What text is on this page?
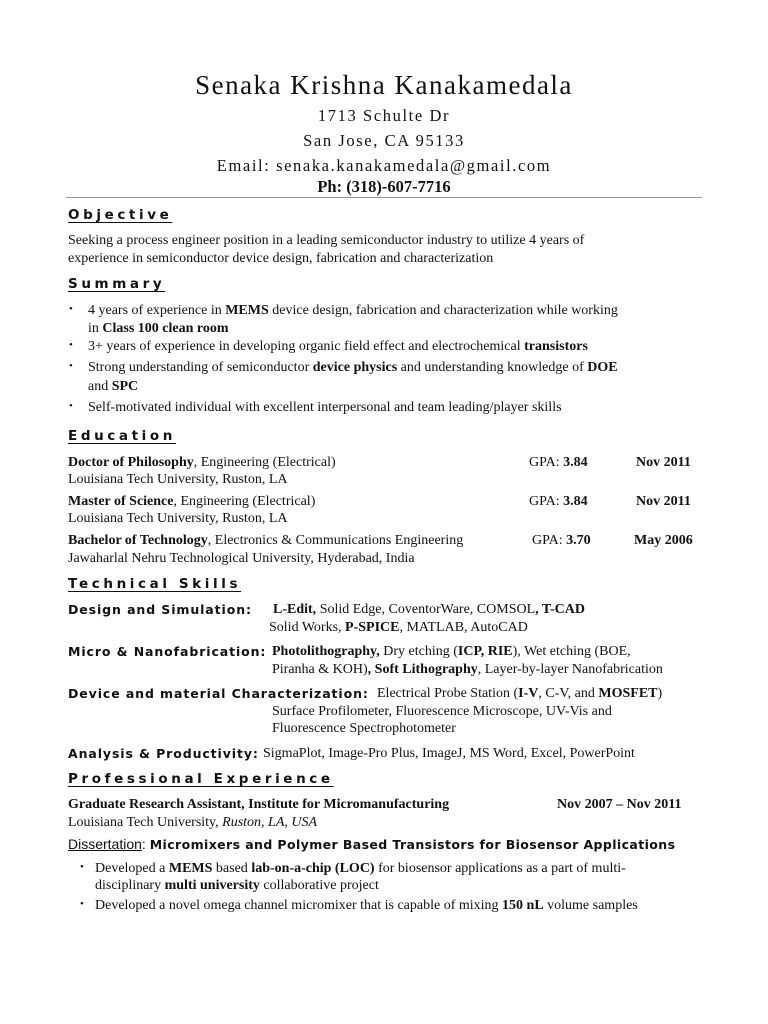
Senaka Krishna Kanakamedala
1713 Schulte Dr
San Jose, CA 95133
Email: senaka.kanakamedala@gmail.com
Ph: (318)-607-7716
Objective
Seeking a process engineer position in a leading semiconductor industry to utilize 4 years of
experience in semiconductor device design, fabrication and characterization
Summary
• 4 years of experience in MEMS device design, fabrication and characterization while working
in Class 100 clean room
• 3+ years of experience in developing organic field effect and electrochemical transistors
• Strong understanding of semiconductor device physics and understanding knowledge of DOE
and SPC
• Self-motivated individual with excellent interpersonal and team leading/player skills
Education
Doctor of Philosophy, Engineering (Electrical)	GPA: 3.84	Nov 2011
Louisiana Tech University, Ruston, LA
Master of Science, Engineering (Electrical)	GPA: 3.84	Nov 2011
Louisiana Tech University, Ruston, LA
Bachelor of Technology, Electronics & Communications Engineering	GPA: 3.70	May 2006
Jawaharlal Nehru Technological University, Hyderabad, India
Technical Skills
Design and Simulation: L-Edit, Solid Edge, CoventorWare, COMSOL, T-CAD
Solid Works, P-SPICE, MATLAB, AutoCAD
Micro & Nanofabrication: Photolithography, Dry etching (ICP, RIE), Wet etching (BOE,
Piranha & KOH), Soft Lithography, Layer-by-layer Nanofabrication
Device and material Characterization: Electrical Probe Station (I-V, C-V, and MOSFET)
Surface Profilometer, Fluorescence Microscope, UV-Vis and
Fluorescence Spectrophotometer
Analysis & Productivity: SigmaPlot, Image-Pro Plus, ImageJ, MS Word, Excel, PowerPoint
Professional Experience
Graduate Research Assistant, Institute for Micromanufacturing	Nov 2007 – Nov 2011
Louisiana Tech University, Ruston, LA, USA
Dissertation: Micromixers and Polymer Based Transistors for Biosensor Applications
• Developed a MEMS based lab-on-a-chip (LOC) for biosensor applications as a part of multi-
disciplinary multi university collaborative project
• Developed a novel omega channel micromixer that is capable of mixing 150 nL volume samples
